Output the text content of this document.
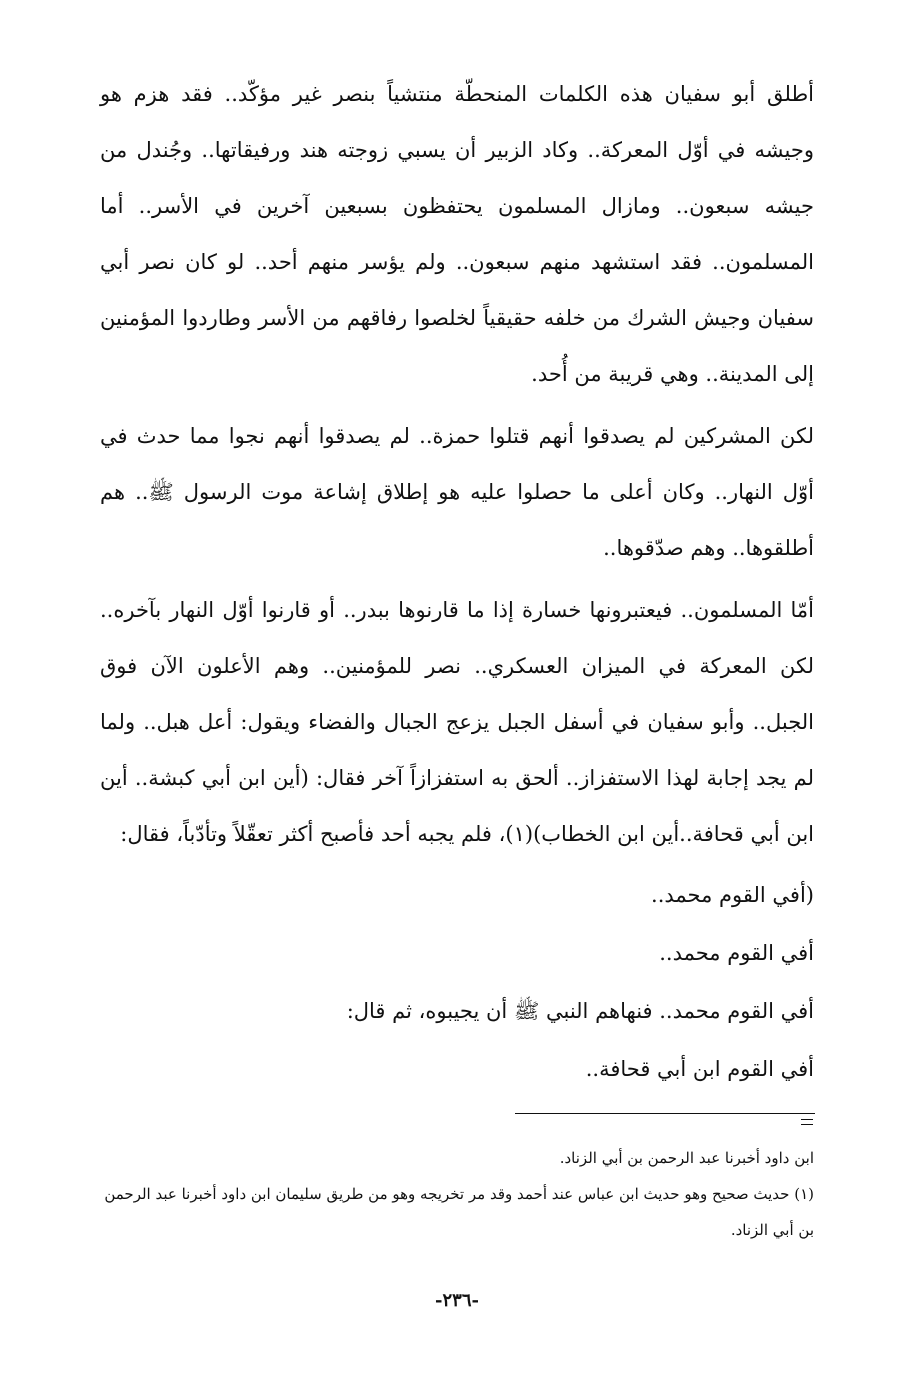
أطلق أبو سفيان هذه الكلمات المنحطّة منتشياً بنصر غير مؤكّد.. فقد هزم هو وجيشه في أوّل المعركة.. وكاد الزبير أن يسبي زوجته هند ورفيقاتها.. وجُندل من جيشه سبعون.. ومازال المسلمون يحتفظون بسبعين آخرين في الأسر.. أما المسلمون.. فقد استشهد منهم سبعون.. ولم يؤسر منهم أحد.. لو كان نصر أبي سفيان وجيش الشرك من خلفه حقيقياً لخلصوا رفاقهم من الأسر وطاردوا المؤمنين إلى المدينة.. وهي قريبة من أُحد.

لكن المشركين لم يصدقوا أنهم قتلوا حمزة.. لم يصدقوا أنهم نجوا مما حدث في أوّل النهار.. وكان أعلى ما حصلوا عليه هو إطلاق إشاعة موت الرسول ﷺ.. هم أطلقوها.. وهم صدّقوها..

أمّا المسلمون.. فيعتبرونها خسارة إذا ما قارنوها ببدر.. أو قارنوا أوّل النهار بآخره.. لكن المعركة في الميزان العسكري.. نصر للمؤمنين.. وهم الأعلون الآن فوق الجبل.. وأبو سفيان في أسفل الجبل يزعج الجبال والفضاء ويقول: أعل هبل.. ولما لم يجد إجابة لهذا الاستفزاز.. ألحق به استفزازاً آخر فقال: (أين ابن أبي كبشة.. أين ابن أبي قحافة..أين ابن الخطاب)(١)، فلم يجبه أحد فأصبح أكثر تعقّلاً وتأدّباً، فقال:

(أفي القوم محمد..

أفي القوم محمد..

أفي القوم محمد.. فنهاهم النبي ﷺ أن يجيبوه، ثم قال:

أفي القوم ابن أبي قحافة..

ابن داود أخبرنا عبد الرحمن بن أبي الزناد.

(١) حديث صحيح وهو حديث ابن عباس عند أحمد وقد مر تخريجه وهو من طريق سليمان ابن داود أخبرنا عبد الرحمن بن أبي الزناد.

-٢٣٦-
